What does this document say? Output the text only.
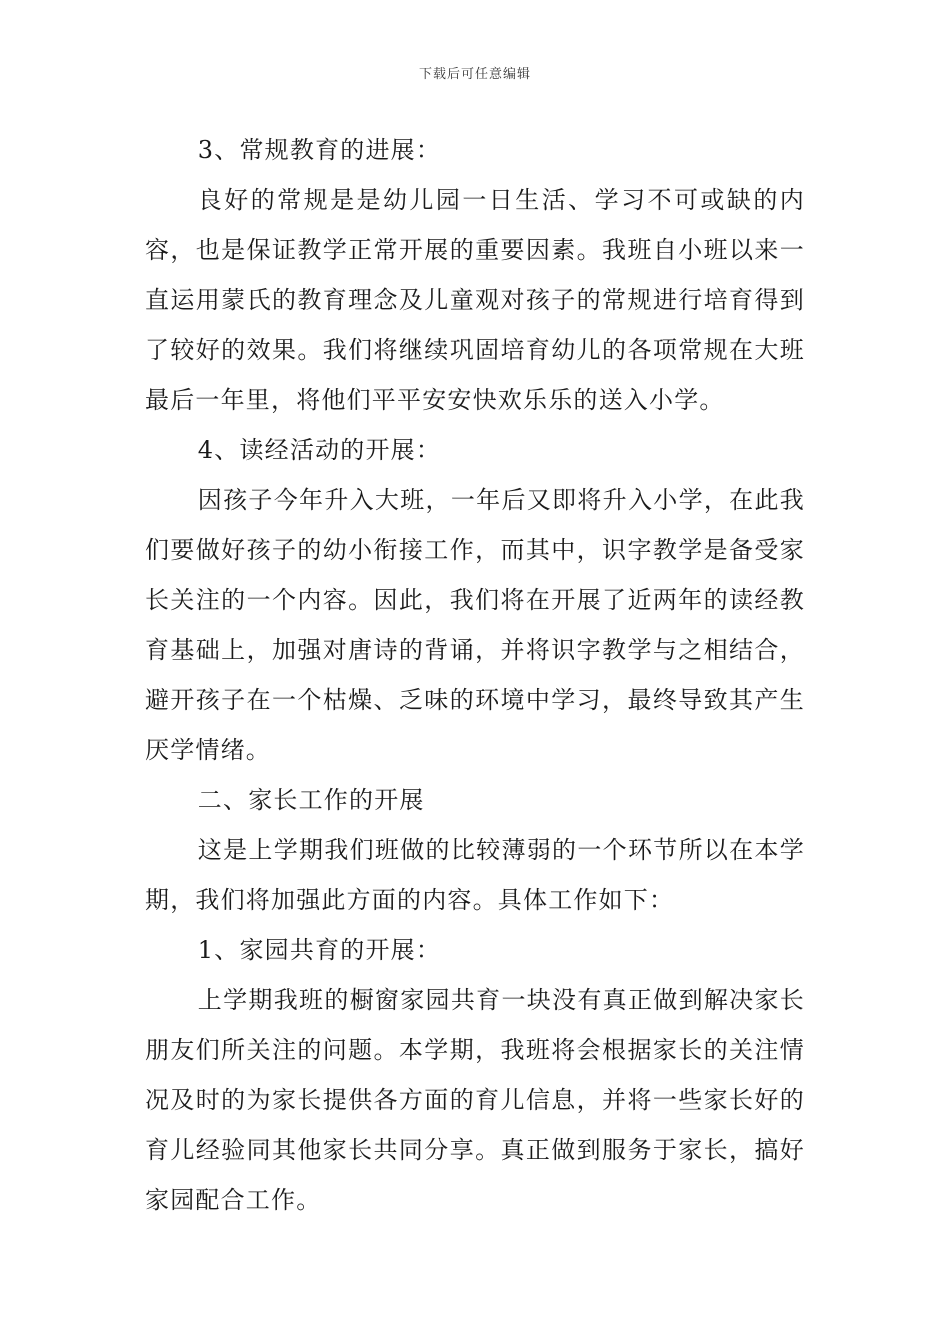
下载后可任意编辑

3、常规教育的进展：

良好的常规是是幼儿园一日生活、学习不可或缺的内容，也是保证教学正常开展的重要因素。我班自小班以来一直运用蒙氏的教育理念及儿童观对孩子的常规进行培育得到了较好的效果。我们将继续巩固培育幼儿的各项常规在大班最后一年里，将他们平平安安快欢乐乐的送入小学。

4、读经活动的开展：

因孩子今年升入大班，一年后又即将升入小学，在此我们要做好孩子的幼小衔接工作，而其中，识字教学是备受家长关注的一个内容。因此，我们将在开展了近两年的读经教育基础上，加强对唐诗的背诵，并将识字教学与之相结合，避开孩子在一个枯燥、乏味的环境中学习，最终导致其产生厌学情绪。

二、家长工作的开展

这是上学期我们班做的比较薄弱的一个环节所以在本学期，我们将加强此方面的内容。具体工作如下：

1、家园共育的开展：

上学期我班的橱窗家园共育一块没有真正做到解决家长朋友们所关注的问题。本学期，我班将会根据家长的关注情况及时的为家长提供各方面的育儿信息，并将一些家长好的育儿经验同其他家长共同分享。真正做到服务于家长，搞好家园配合工作。
